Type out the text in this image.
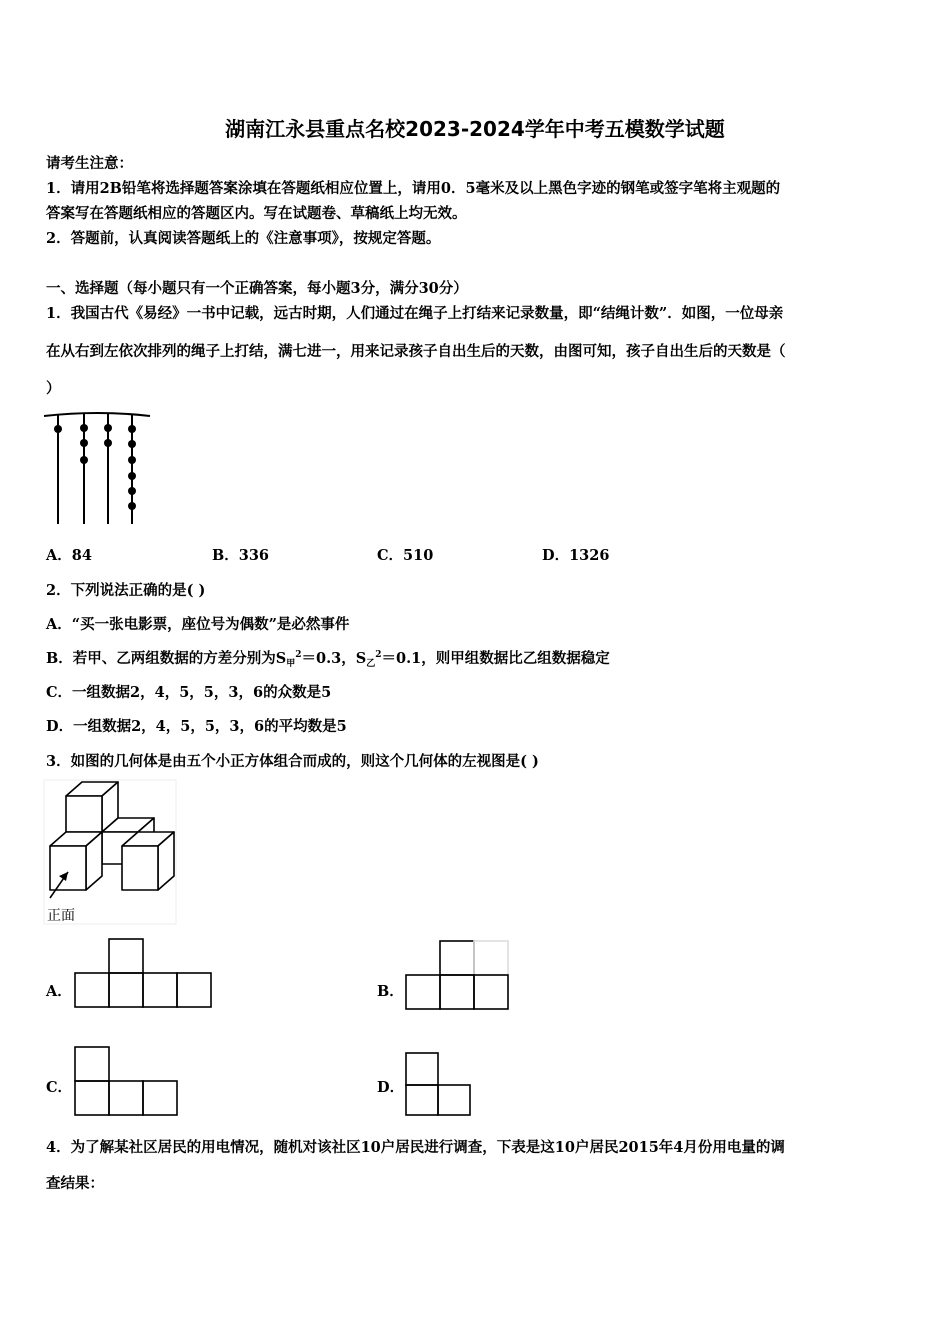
湖南江永县重点名校2023-2024学年中考五模数学试题
请考生注意：
1．请用2B铅笔将选择题答案涂填在答题纸相应位置上，请用0．5毫米及以上黑色字迹的钢笔或签字笔将主观题的
答案写在答题纸相应的答题区内。写在试题卷、草稿纸上均无效。
2．答题前，认真阅读答题纸上的《注意事项》，按规定答题。
一、选择题（每小题只有一个正确答案，每小题3分，满分30分）
1．我国古代《易经》一书中记载，远古时期，人们通过在绳子上打结来记录数量，即“结绳计数”．如图，一位母亲
在从右到左依次排列的绳子上打结，满七进一，用来记录孩子自出生后的天数，由图可知，孩子自出生后的天数是（
）
A．84	B．336	C．510	D．1326
2．下列说法正确的是( )
A．“买一张电影票，座位号为偶数”是必然事件
B．若甲、乙两组数据的方差分别为$S_甲^2=0.3$，$S_乙^2=0.1$，则甲组数据比乙组数据稳定
C．一组数据2，4，5，5，3，6的众数是5
D．一组数据2，4，5，5，3，6的平均数是5
3．如图的几何体是由五个小正方体组合而成的，则这个几何体的左视图是( )
正面
A．	B．
C．	D．
4．为了解某社区居民的用电情况，随机对该社区10户居民进行调查，下表是这10户居民2015年4月份用电量的调
查结果：
